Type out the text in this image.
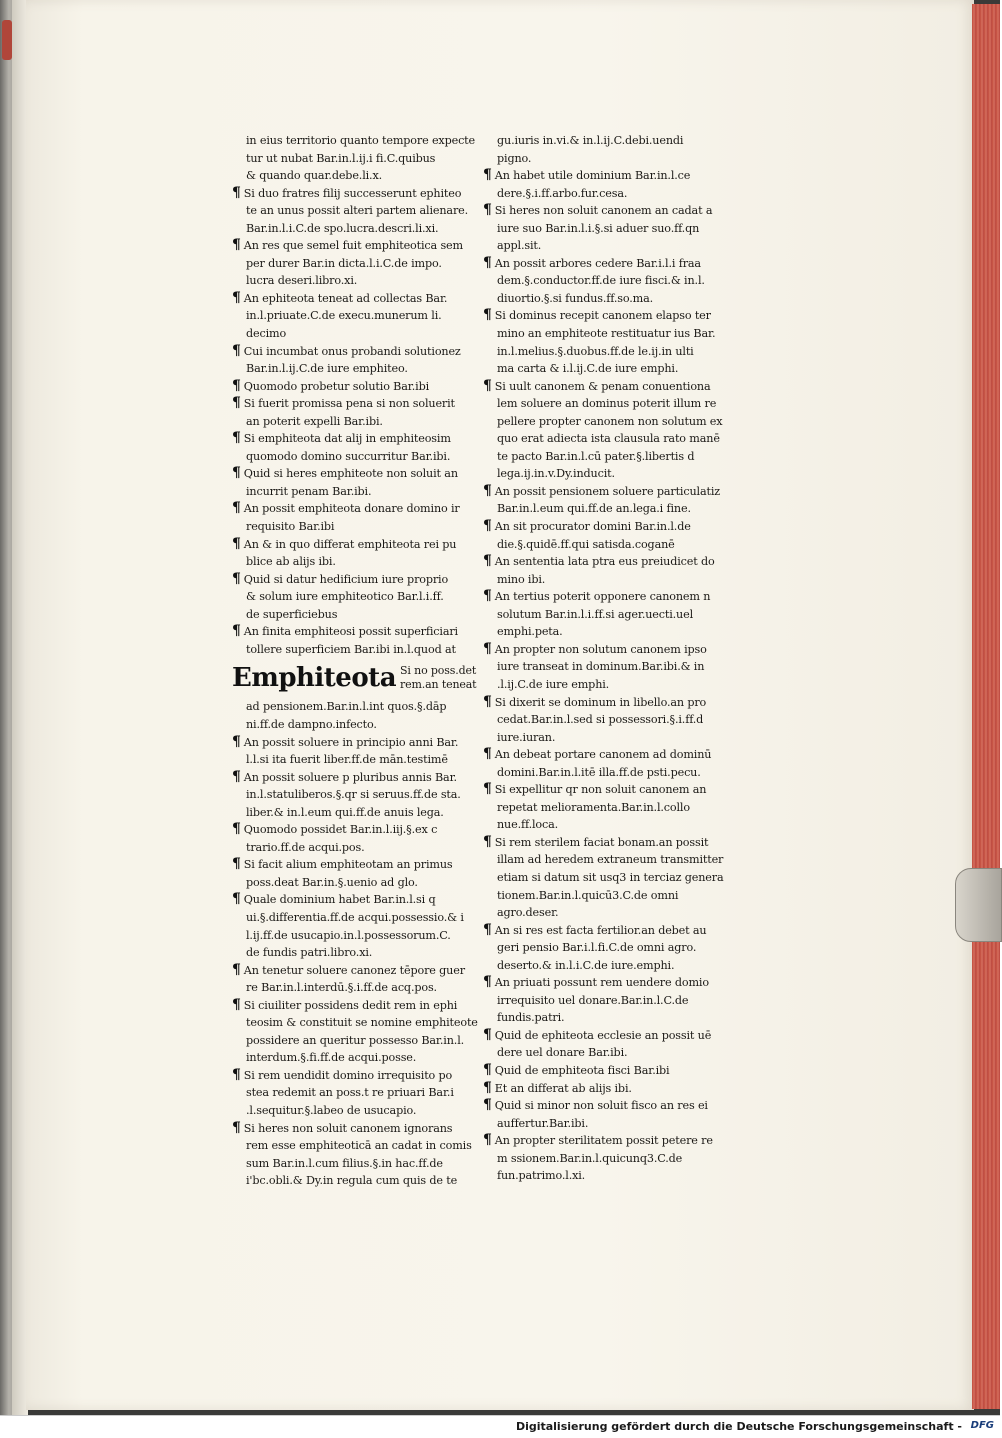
in eius territorio quanto tempore expecte
tur ut nubat Bar.in.l.ij.i fi.C.quibus
& quando quar.debe.li.x.
¶ Si duo fratres filij successerunt ephiteo
te an unus possit alteri partem alienare.
Bar.in.l.i.C.de spo.lucra.descri.li.xi.
¶ An res que semel fuit emphiteotica sem
per durer Bar.in dicta.l.i.C.de impo.
lucra deseri.libro.xi.
¶ An ephiteota teneat ad collectas Bar.
in.l.priuate.C.de execu.munerum li.
decimo
¶ Cui incumbat onus probandi solutionez
Bar.in.l.ij.C.de iure emphiteo.
¶ Quomodo probetur solutio Bar.ibi
¶ Si fuerit promissa pena si non soluerit
an poterit expelli Bar.ibi.
¶ Si emphiteota dat alij in emphiteosim
quomodo domino succurritur Bar.ibi.
¶ Quid si heres emphiteote non soluit an
incurrit penam Bar.ibi.
¶ An possit emphiteota donare domino ir
requisito Bar.ibi
¶ An & in quo differat emphiteota rei pu
blice ab alijs ibi.
¶ Quid si datur hedificium iure proprio
& solum iure emphiteotico Bar.l.i.ff.
de superficiebus
¶ An finita emphiteosi possit superficiari
tollere superficiem Bar.ibi in.l.quod at
Emphiteota Si no poss.det
rem.an teneat
ad pensionem.Bar.in.l.int quos.§.dāp
ni.ff.de dampno.infecto.
¶ An possit soluere in principio anni Bar.
l.l.si ita fuerit liber.ff.de mān.testimē
¶ An possit soluere p pluribus annis Bar.
in.l.statuliberos.§.qr si seruus.ff.de sta.
liber.& in.l.eum qui.ff.de anuis lega.
¶ Quomodo possidet Bar.in.l.iij.§.ex c
trario.ff.de acqui.pos.
¶ Si facit alium emphiteotam an primus
poss.deat Bar.in.§.uenio ad glo.
¶ Quale dominium habet Bar.in.l.si q
ui.§.differentia.ff.de acqui.possessio.& i
l.ij.ff.de usucapio.in.l.possessorum.C.
de fundis patri.libro.xi.
¶ An tenetur soluere canonez tēpore guer
re Bar.in.l.interdū.§.i.ff.de acq.pos.
¶ Si ciuiliter possidens dedit rem in ephi
teosim & constituit se nomine emphiteote
possidere an queritur possesso Bar.in.l.
interdum.§.fi.ff.de acqui.posse.
¶ Si rem uendidit domino irrequisito po
stea redemit an poss.t re priuari Bar.i
.l.sequitur.§.labeo de usucapio.
¶ Si heres non soluit canonem ignorans
rem esse emphiteoticā an cadat in comis
sum Bar.in.l.cum filius.§.in hac.ff.de
i'bc.obli.& Dy.in regula cum quis de te
gu.iuris in.vi.& in.l.ij.C.debi.uendi
pigno.
¶ An habet utile dominium Bar.in.l.ce
dere.§.i.ff.arbo.fur.cesa.
¶ Si heres non soluit canonem an cadat a
iure suo Bar.in.l.i.§.si aduer suo.ff.qn
appl.sit.
¶ An possit arbores cedere Bar.i.l.i fraa
dem.§.conductor.ff.de iure fisci.& in.l.
diuortio.§.si fundus.ff.so.ma.
¶ Si dominus recepit canonem elapso ter
mino an emphiteote restituatur ius Bar.
in.l.melius.§.duobus.ff.de le.ij.in ulti
ma carta & i.l.ij.C.de iure emphi.
¶ Si uult canonem & penam conuentiona
lem soluere an dominus poterit illum re
pellere propter canonem non solutum ex
quo erat adiecta ista clausula rato manē
te pacto Bar.in.l.cū pater.§.libertis d
lega.ij.in.v.Dy.inducit.
¶ An possit pensionem soluere particulatiz
Bar.in.l.eum qui.ff.de an.lega.i fine.
¶ An sit procurator domini Bar.in.l.de
die.§.quidē.ff.qui satisda.coganē
¶ An sententia lata ptra eus preiudicet do
mino ibi.
¶ An tertius poterit opponere canonem n
solutum Bar.in.l.i.ff.si ager.uecti.uel
emphi.peta.
¶ An propter non solutum canonem ipso
iure transeat in dominum.Bar.ibi.& in
.l.ij.C.de iure emphi.
¶ Si dixerit se dominum in libello.an pro
cedat.Bar.in.l.sed si possessori.§.i.ff.d
iure.iuran.
¶ An debeat portare canonem ad dominū
domini.Bar.in.l.itē illa.ff.de psti.pecu.
¶ Si expellitur qr non soluit canonem an
repetat melioramenta.Bar.in.l.collo
nue.ff.loca.
¶ Si rem sterilem faciat bonam.an possit
illam ad heredem extraneum transmitter
etiam si datum sit usq3 in terciaz genera
tionem.Bar.in.l.quicū3.C.de omni
agro.deser.
¶ An si res est facta fertilior.an debet au
geri pensio Bar.i.l.fi.C.de omni agro.
deserto.& in.l.i.C.de iure.emphi.
¶ An priuati possunt rem uendere domio
irrequisito uel donare.Bar.in.l.C.de
fundis.patri.
¶ Quid de ephiteota ecclesie an possit uē
dere uel donare Bar.ibi.
¶ Quid de emphiteota fisci Bar.ibi
¶ Et an differat ab alijs ibi.
¶ Quid si minor non soluit fisco an res ei
auffertur.Bar.ibi.
¶ An propter sterilitatem possit petere re
m ssionem.Bar.in.l.quicunq3.C.de
fun.patrimo.l.xi.
Digitalisierung gefördert durch die Deutsche Forschungsgemeinschaft - DFG
